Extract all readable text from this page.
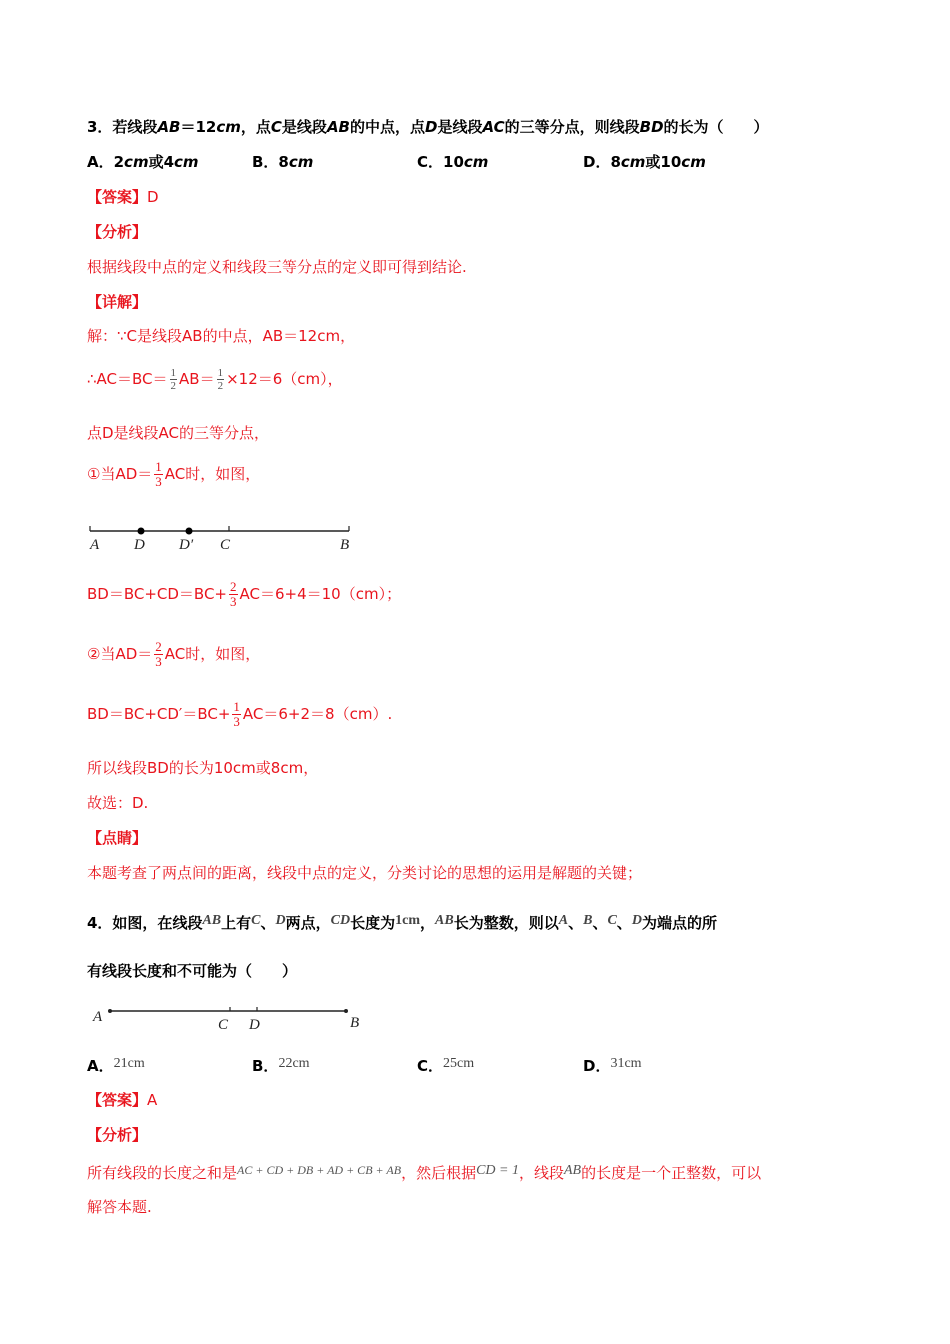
3．若线段AB＝12cm，点C是线段AB的中点，点D是线段AC的三等分点，则线段BD的长为（　　）
A．2cm或4cm	B．8cm	C．10cm	D．8cm或10cm
【答案】D
【分析】
根据线段中点的定义和线段三等分点的定义即可得到结论.
【详解】
解：∵C是线段AB的中点，AB＝12cm，
∴AC＝BC＝ $\frac{1}{2} AB= \frac{1}{2} \times 12=6(cm)$，
点D是线段AC的三等分点，
①当$AD= \frac{1}{3}$ AC时，如图，
A D D′ C	B
$BD=BC+CD=BC+ \frac{2}{3} AC=6+4=10(cm)$；
②当$AD= \frac{2}{3}$ AC时，如图，
$BD=BC+CD'=BC+ \frac{1}{3} AC=6+2=8(cm)$.
所以线段BD的长为10cm或8cm，
故选：D.
【点睛】
本题考查了两点间的距离，线段中点的定义，分类讨论的思想的运用是解题的关键；
4．如图，在线段AB上有C、D两点，CD长度为1cm，AB长为整数，则以A、B、C、D为端点的所
有线段长度和不可能为（　　）
A	C D	B
A．21cm	B．22cm	C．25cm	D．31cm
【答案】A
【分析】
所有线段的长度之和是$^{AC + CD + DB + AD + CB + AB}$，然后根据CD = 1，线段AB的长度是一个正整数，可以
解答本题.
